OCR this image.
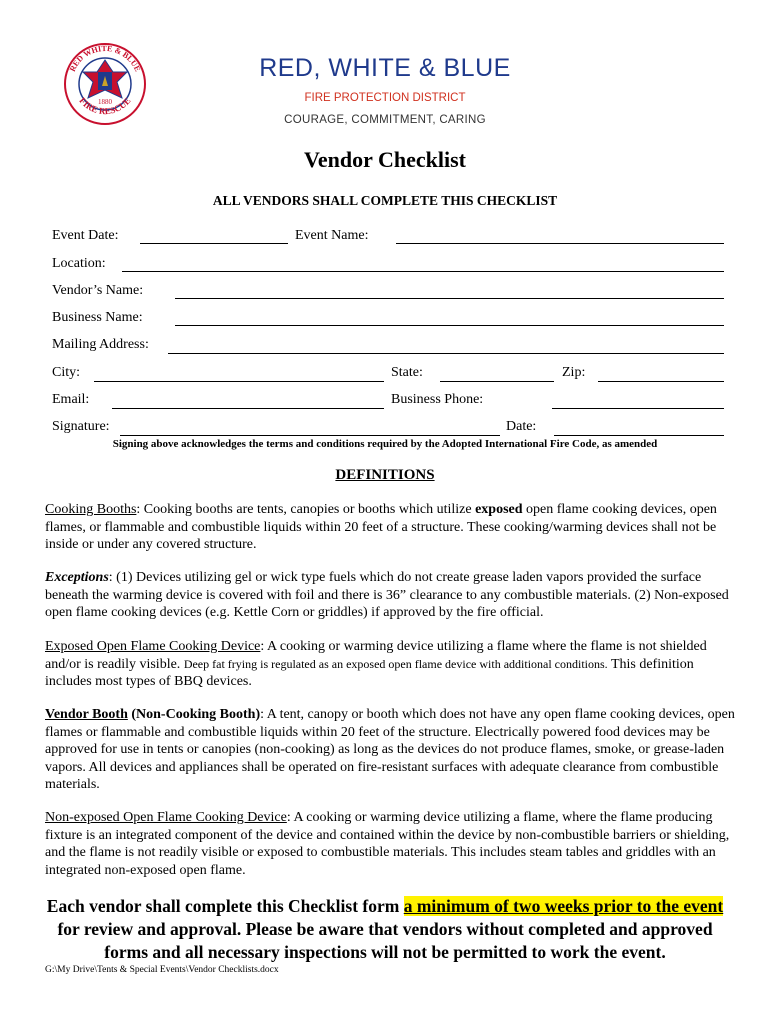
1880
RED WHITE & BLUE
FIRE RESCUE
RED, WHITE & BLUE
FIRE PROTECTION DISTRICT
COURAGE, COMMITMENT, CARING
Vendor Checklist
ALL VENDORS SHALL COMPLETE THIS CHECKLIST
Event Date:	Event Name:
Location:
Vendor’s Name:
Business Name:
Mailing Address:
City:	State:	Zip:
Email:	Business Phone:
Signature:	Date:
Signing above acknowledges the terms and conditions required by the Adopted International Fire Code, as amended
DEFINITIONS
Cooking Booths: Cooking booths are tents, canopies or booths which utilize exposed open flame cooking devices, open flames, or flammable and combustible liquids within 20 feet of a structure. These cooking/warming devices shall not be inside or under any covered structure.
Exceptions: (1) Devices utilizing gel or wick type fuels which do not create grease laden vapors provided the surface beneath the warming device is covered with foil and there is 36” clearance to any combustible materials. (2) Non-exposed open flame cooking devices (e.g. Kettle Corn or griddles) if approved by the fire official.
Exposed Open Flame Cooking Device: A cooking or warming device utilizing a flame where the flame is not shielded and/or is readily visible. Deep fat frying is regulated as an exposed open flame device with additional conditions. This definition includes most types of BBQ devices.
Vendor Booth (Non-Cooking Booth): A tent, canopy or booth which does not have any open flame cooking devices, open flames or flammable and combustible liquids within 20 feet of the structure. Electrically powered food devices may be approved for use in tents or canopies (non-cooking) as long as the devices do not produce flames, smoke, or grease-laden vapors. All devices and appliances shall be operated on fire-resistant surfaces with adequate clearance from combustible materials.
Non-exposed Open Flame Cooking Device: A cooking or warming device utilizing a flame, where the flame producing fixture is an integrated component of the device and contained within the device by non-combustible barriers or shielding, and the flame is not readily visible or exposed to combustible materials. This includes steam tables and griddles with an integrated non-exposed open flame.
Each vendor shall complete this Checklist form a minimum of two weeks prior to the event for review and approval. Please be aware that vendors without completed and approved forms and all necessary inspections will not be permitted to work the event.
G:\My Drive\Tents & Special Events\Vendor Checklists.docx
